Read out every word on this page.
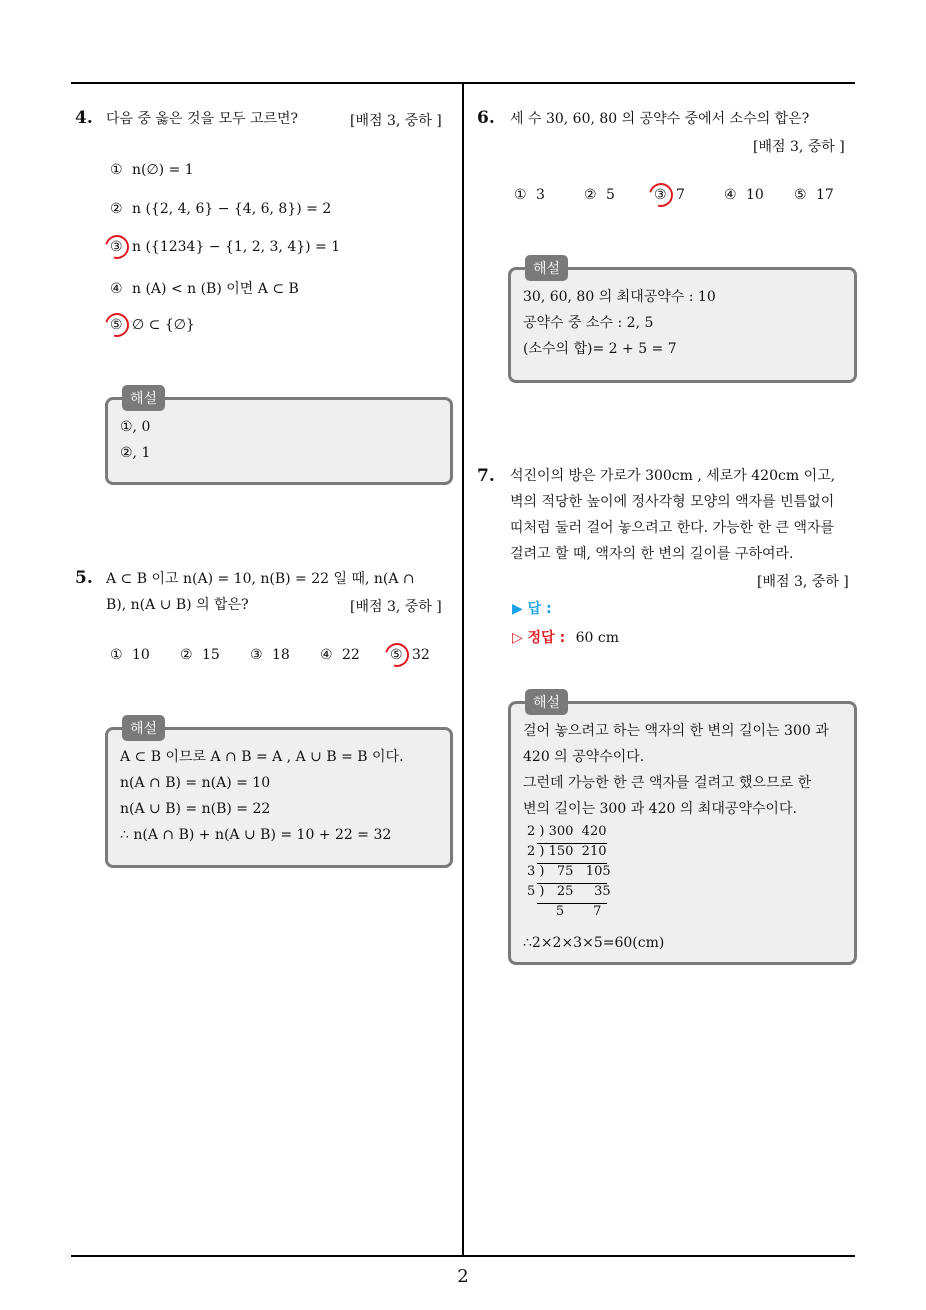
4. 다음 중 옳은 것을 모두 고르면?	[배점 3, 중하 ]
① n(∅) = 1
② n ({2, 4, 6} − {4, 6, 8}) = 2
③ n ({1234} − {1, 2, 3, 4}) = 1
④ n (A) < n (B) 이면 A ⊂ B
⑤ ∅ ⊂ {∅}
해설
①, 0
②, 1
5. A ⊂ B 이고 n(A) = 10, n(B) = 22 일 때, n(A ∩
B), n(A ∪ B) 의 합은?	[배점 3, 중하 ]
① 10 ② 15 ③ 18 ④ 22 ⑤ 32
해설
A ⊂ B 이므로 A ∩ B = A , A ∪ B = B 이다.
n(A ∩ B) = n(A) = 10
n(A ∪ B) = n(B) = 22
∴ n(A ∩ B) + n(A ∪ B) = 10 + 22 = 32
6. 세 수 30, 60, 80 의 공약수 중에서 소수의 합은?
[배점 3, 중하 ]
① 3	② 5	③ 7	④ 10 ⑤ 17
해설
30, 60, 80 의 최대공약수 : 10
공약수 중 소수 : 2, 5
(소수의 합)= 2 + 5 = 7
7. 석진이의 방은 가로가 300cm , 세로가 420cm 이고,
벽의 적당한 높이에 정사각형 모양의 액자를 빈틈없이
띠처럼 둘러 걸어 놓으려고 한다. 가능한 한 큰 액자를
걸려고 할 때, 액자의 한 변의 길이를 구하여라.
[배점 3, 중하 ]
▶ 답 :
▷ 정답 : 60 cm
해설
걸어 놓으려고 하는 액자의 한 변의 길이는 300 과
420 의 공약수이다.
그런데 가능한 한 큰 액자를 걸려고 했으므로 한
변의 길이는 300 과 420 의 최대공약수이다.
2 ) 300  420
2 ) 150  210
3 )   75   105
5 )   25     35
5       7
∴2×2×3×5=60(cm)
2
